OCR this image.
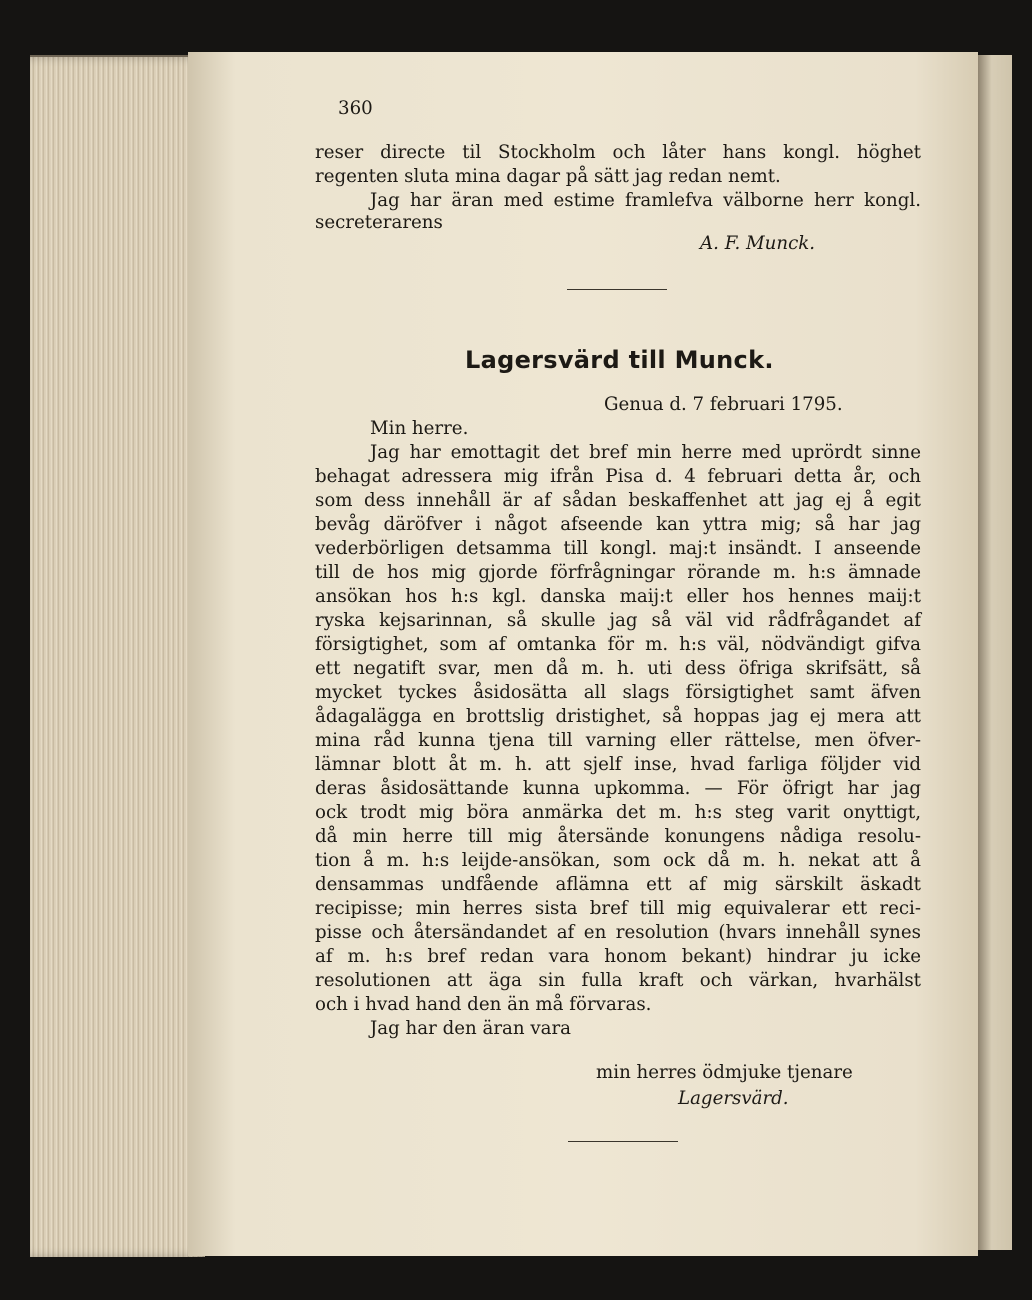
360
reser directe til Stockholm och låter hans kongl. höghet
regenten sluta mina dagar på sätt jag redan nemt.
Jag har äran med estime framlefva välborne herr kongl.
secreterarens
A. F. Munck.
Lagersvärd till Munck.
Genua d. 7 februari 1795.
Min herre.
Jag har emottagit det bref min herre med uprördt sinne
behagat adressera mig ifrån Pisa d. 4 februari detta år, och
som dess innehåll är af sådan beskaffenhet att jag ej å egit
bevåg däröfver i något afseende kan yttra mig; så har jag
vederbörligen detsamma till kongl. maj:t insändt. I anseende
till de hos mig gjorde förfrågningar rörande m. h:s ämnade
ansökan hos h:s kgl. danska maij:t eller hos hennes maij:t
ryska kejsarinnan, så skulle jag så väl vid rådfrågandet af
försigtighet, som af omtanka för m. h:s väl, nödvändigt gifva
ett negatift svar, men då m. h. uti dess öfriga skrifsätt, så
mycket tyckes åsidosätta all slags försigtighet samt äfven
ådagalägga en brottslig dristighet, så hoppas jag ej mera att
mina råd kunna tjena till varning eller rättelse, men öfver-
lämnar blott åt m. h. att sjelf inse, hvad farliga följder vid
deras åsidosättande kunna upkomma. — För öfrigt har jag
ock trodt mig böra anmärka det m. h:s steg varit onyttigt,
då min herre till mig återsände konungens nådiga resolu-
tion å m. h:s leijde-ansökan, som ock då m. h. nekat att å
densammas undfående aflämna ett af mig särskilt äskadt
recipisse; min herres sista bref till mig equivalerar ett reci-
pisse och återsändandet af en resolution (hvars innehåll synes
af m. h:s bref redan vara honom bekant) hindrar ju icke
resolutionen att äga sin fulla kraft och värkan, hvarhälst
och i hvad hand den än må förvaras.
Jag har den äran vara
min herres ödmjuke tjenare
Lagersvärd.
